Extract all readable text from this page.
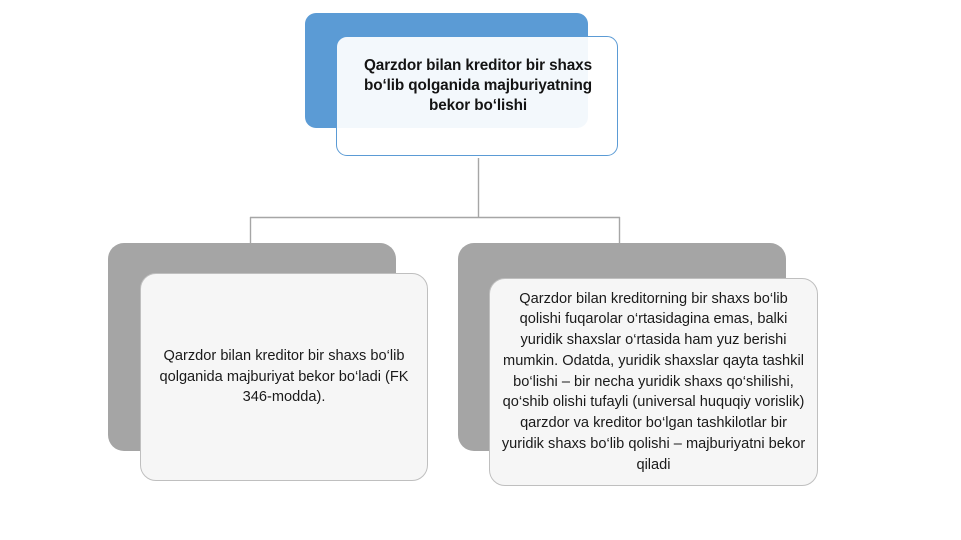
Qarzdor bilan kreditor bir shaxs bo‘lib qolganida majburiyatning bekor bo‘lishi
Qarzdor bilan kreditor bir shaxs bo‘lib qolganida majburiyat bekor bo‘ladi (FK 346-modda).
Qarzdor bilan kreditorning bir shaxs bo‘lib qolishi fuqarolar o‘rtasidagina emas, balki yuridik shaxslar o‘rtasida ham yuz berishi mumkin. Odatda, yuridik shaxslar qayta tashkil bo‘lishi – bir necha yuridik shaxs qo‘shilishi, qo‘shib olishi tufayli (universal huquqiy vorislik) qarzdor va kreditor bo‘lgan tashkilotlar bir yuridik shaxs bo‘lib qolishi – majburiyatni bekor qiladi
